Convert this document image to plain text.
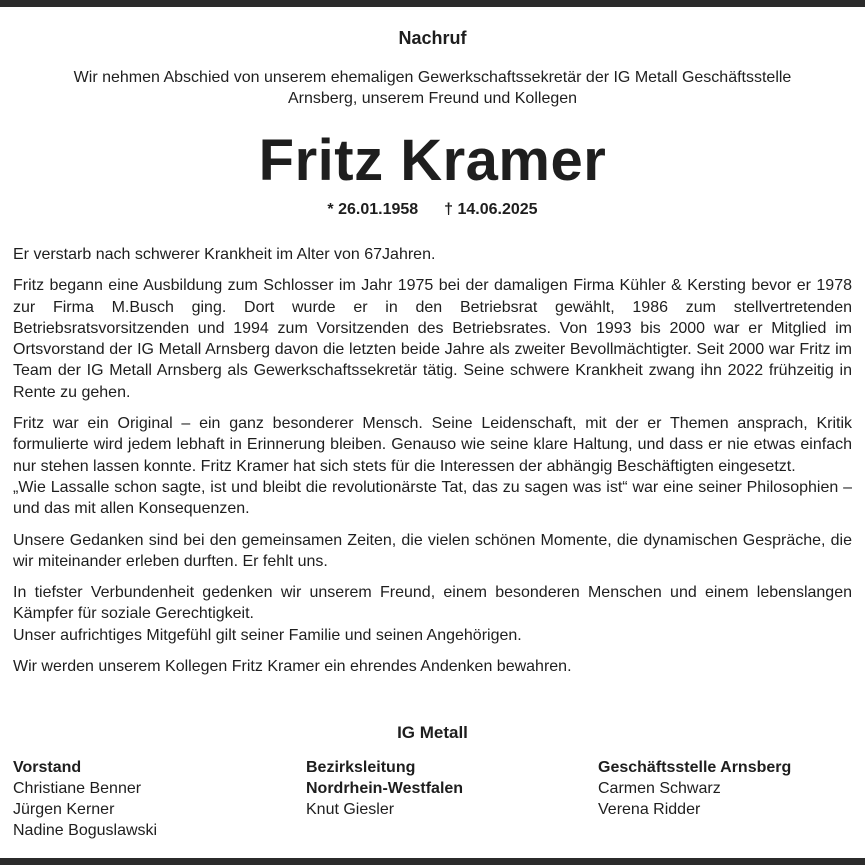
Nachruf
Wir nehmen Abschied von unserem ehemaligen Gewerkschaftssekretär der IG Metall Geschäftsstelle
Arnsberg, unserem Freund und Kollegen
Fritz Kramer
* 26.01.1958 † 14.06.2025

Er verstarb nach schwerer Krankheit im Alter von 67Jahren.

Fritz begann eine Ausbildung zum Schlosser im Jahr 1975 bei der damaligen Firma Kühler & Kersting bevor er 1978 zur Firma M.Busch ging. Dort wurde er in den Betriebsrat gewählt, 1986 zum stellvertretenden Betriebsratsvorsitzenden und 1994 zum Vorsitzenden des Betriebsrates. Von 1993 bis 2000 war er Mitglied im Ortsvorstand der IG Metall Arnsberg davon die letzten beide Jahre als zweiter Bevollmächtigter. Seit 2000 war Fritz im Team der IG Metall Arnsberg als Gewerkschaftssekretär tätig. Seine schwere Krankheit zwang ihn 2022 frühzeitig in Rente zu gehen.

Fritz war ein Original – ein ganz besonderer Mensch. Seine Leidenschaft, mit der er Themen ansprach, Kritik formulierte wird jedem lebhaft in Erinnerung bleiben. Genauso wie seine klare Haltung, und dass er nie etwas einfach nur stehen lassen konnte. Fritz Kramer hat sich stets für die Interessen der abhängig Beschäftigten eingesetzt.

„Wie Lassalle schon sagte, ist und bleibt die revolutionärste Tat, das zu sagen was ist“ war eine seiner Philosophien – und das mit allen Konsequenzen.

Unsere Gedanken sind bei den gemeinsamen Zeiten, die vielen schönen Momente, die dynamischen Gespräche, die wir miteinander erleben durften. Er fehlt uns.

In tiefster Verbundenheit gedenken wir unserem Freund, einem besonderen Menschen und einem lebenslangen Kämpfer für soziale Gerechtigkeit.

Unser aufrichtiges Mitgefühl gilt seiner Familie und seinen Angehörigen.

Wir werden unserem Kollegen Fritz Kramer ein ehrendes Andenken bewahren.

IG Metall
Vorstand
Christiane Benner
Jürgen Kerner
Nadine Boguslawski
Bezirksleitung
Nordrhein-Westfalen
Knut Giesler
Geschäftsstelle Arnsberg
Carmen Schwarz
Verena Ridder
